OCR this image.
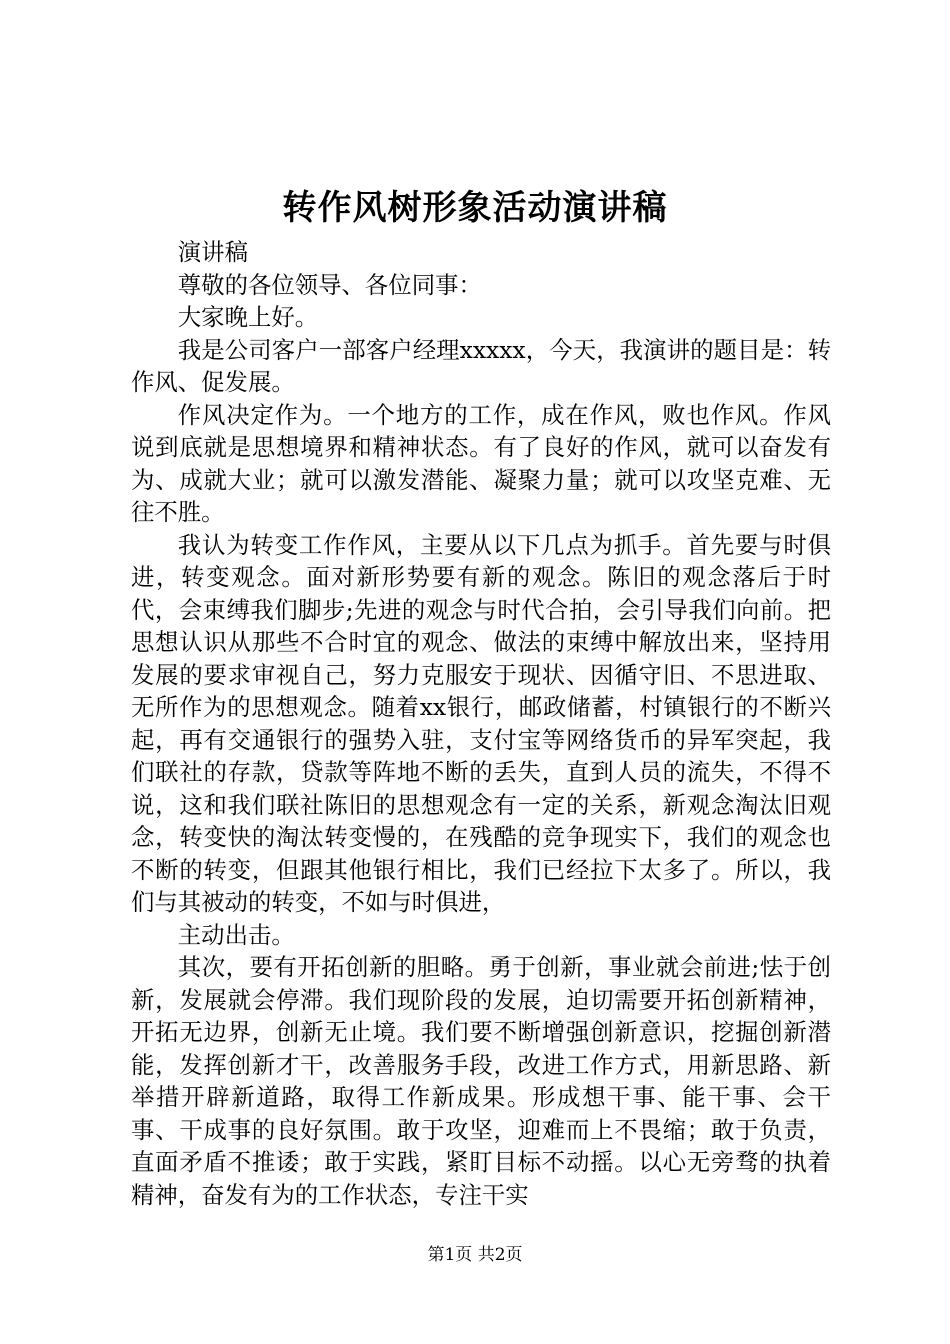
转作风树形象活动演讲稿

演讲稿

尊敬的各位领导、各位同事：

大家晚上好。

我是公司客户一部客户经理xxxxx，今天，我演讲的题目是：转作风、促发展。

作风决定作为。一个地方的工作，成在作风，败也作风。作风说到底就是思想境界和精神状态。有了良好的作风，就可以奋发有为、成就大业；就可以激发潜能、凝聚力量；就可以攻坚克难、无往不胜。

我认为转变工作作风，主要从以下几点为抓手。首先要与时俱进，转变观念。面对新形势要有新的观念。陈旧的观念落后于时代，会束缚我们脚步;先进的观念与时代合拍，会引导我们向前。把思想认识从那些不合时宜的观念、做法的束缚中解放出来，坚持用发展的要求审视自己，努力克服安于现状、因循守旧、不思进取、无所作为的思想观念。随着xx银行，邮政储蓄，村镇银行的不断兴起，再有交通银行的强势入驻，支付宝等网络货币的异军突起，我们联社的存款，贷款等阵地不断的丢失，直到人员的流失，不得不说，这和我们联社陈旧的思想观念有一定的关系，新观念淘汰旧观念，转变快的淘汰转变慢的，在残酷的竞争现实下，我们的观念也不断的转变，但跟其他银行相比，我们已经拉下太多了。所以，我们与其被动的转变，不如与时俱进，

主动出击。

其次，要有开拓创新的胆略。勇于创新，事业就会前进;怯于创新，发展就会停滞。我们现阶段的发展，迫切需要开拓创新精神，开拓无边界，创新无止境。我们要不断增强创新意识，挖掘创新潜能，发挥创新才干，改善服务手段，改进工作方式，用新思路、新举措开辟新道路，取得工作新成果。形成想干事、能干事、会干事、干成事的良好氛围。敢于攻坚，迎难而上不畏缩；敢于负责，直面矛盾不推诿；敢于实践，紧盯目标不动摇。以心无旁骛的执着精神，奋发有为的工作状态，专注干实

第1页 共2页
